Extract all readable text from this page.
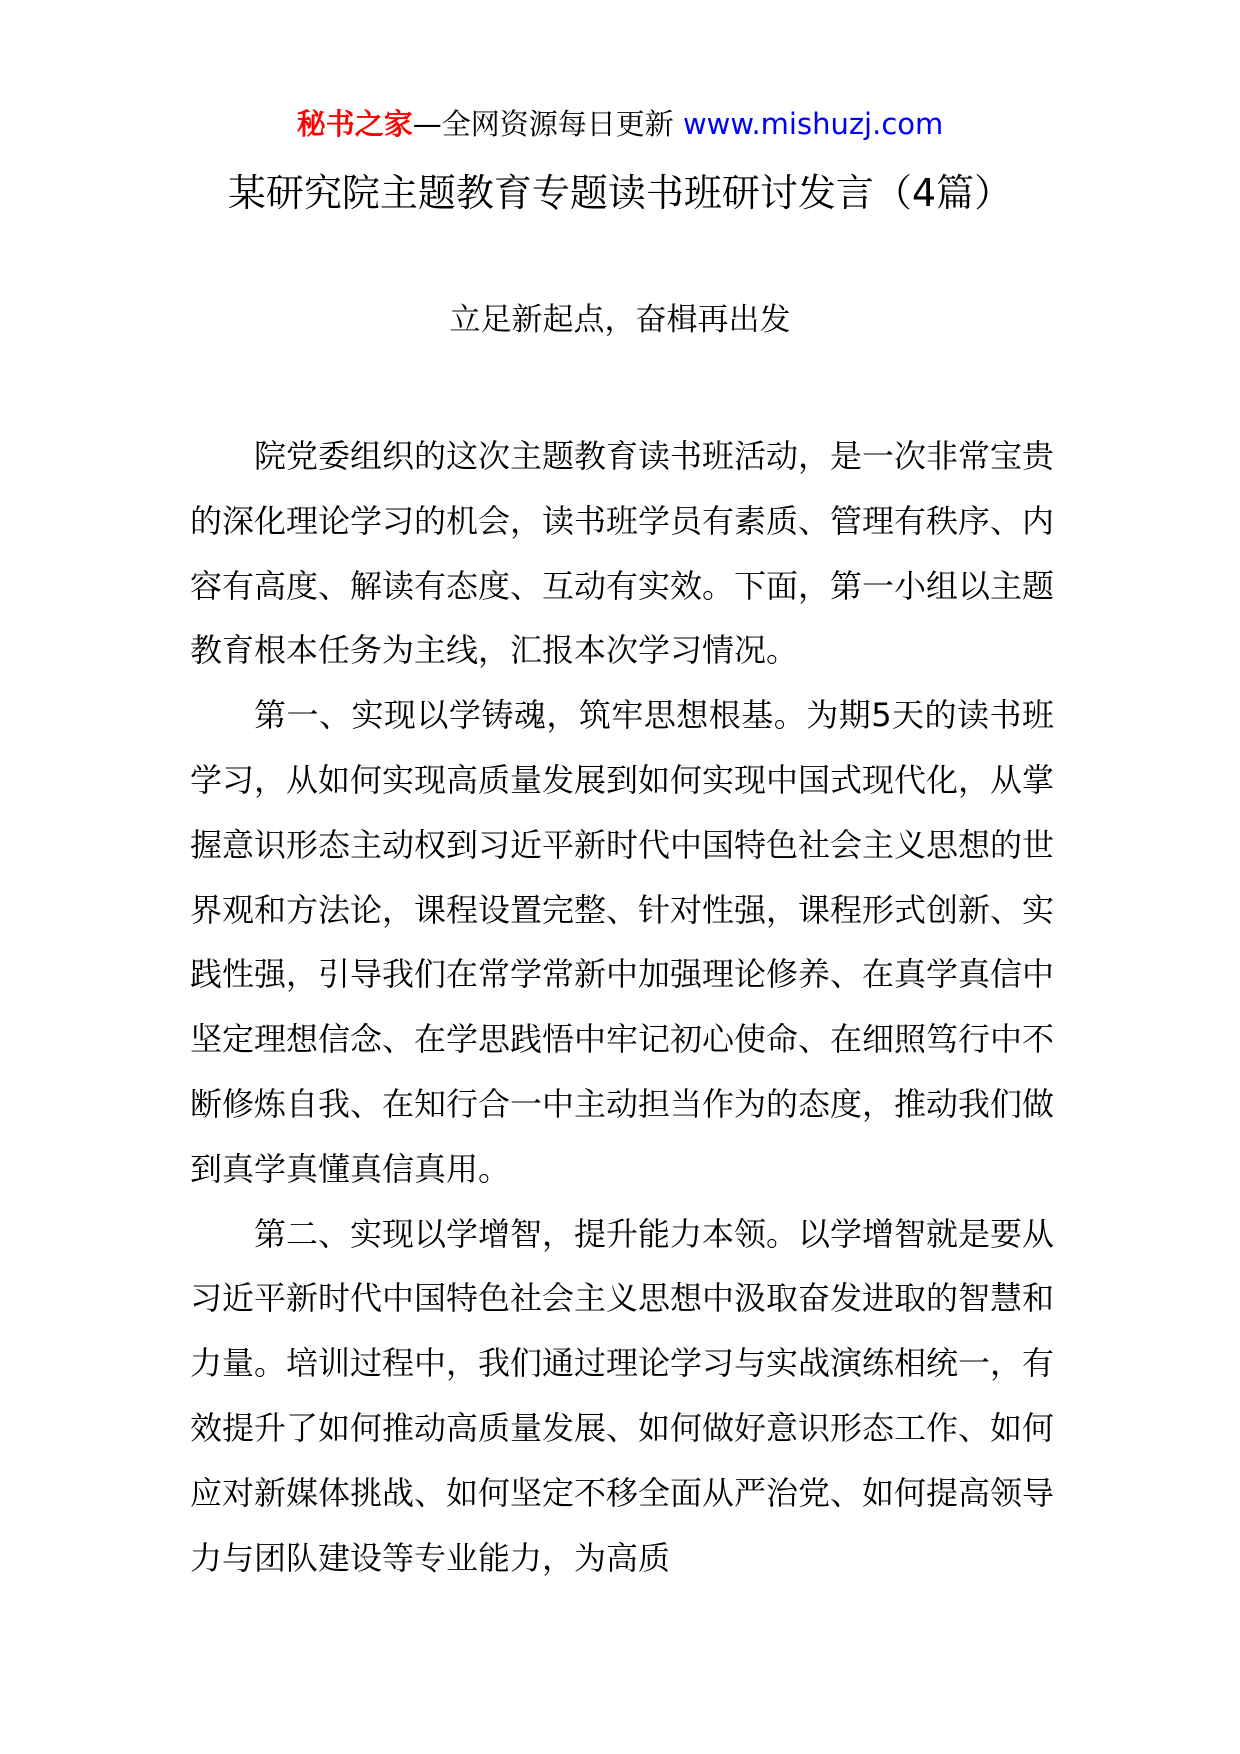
秘书之家—全网资源每日更新 www.mishuzj.com
某研究院主题教育专题读书班研讨发言（4篇）
立足新起点，奋楫再出发

院党委组织的这次主题教育读书班活动，是一次非常宝贵的深化理论学习的机会，读书班学员有素质、管理有秩序、内容有高度、解读有态度、互动有实效。下面，第一小组以主题教育根本任务为主线，汇报本次学习情况。

第一、实现以学铸魂，筑牢思想根基。为期5天的读书班学习，从如何实现高质量发展到如何实现中国式现代化，从掌握意识形态主动权到习近平新时代中国特色社会主义思想的世界观和方法论，课程设置完整、针对性强，课程形式创新、实践性强，引导我们在常学常新中加强理论修养、在真学真信中坚定理想信念、在学思践悟中牢记初心使命、在细照笃行中不断修炼自我、在知行合一中主动担当作为的态度，推动我们做到真学真懂真信真用。

第二、实现以学增智，提升能力本领。以学增智就是要从习近平新时代中国特色社会主义思想中汲取奋发进取的智慧和力量。培训过程中，我们通过理论学习与实战演练相统一，有效提升了如何推动高质量发展、如何做好意识形态工作、如何应对新媒体挑战、如何坚定不移全面从严治党、如何提高领导力与团队建设等专业能力，为高质
